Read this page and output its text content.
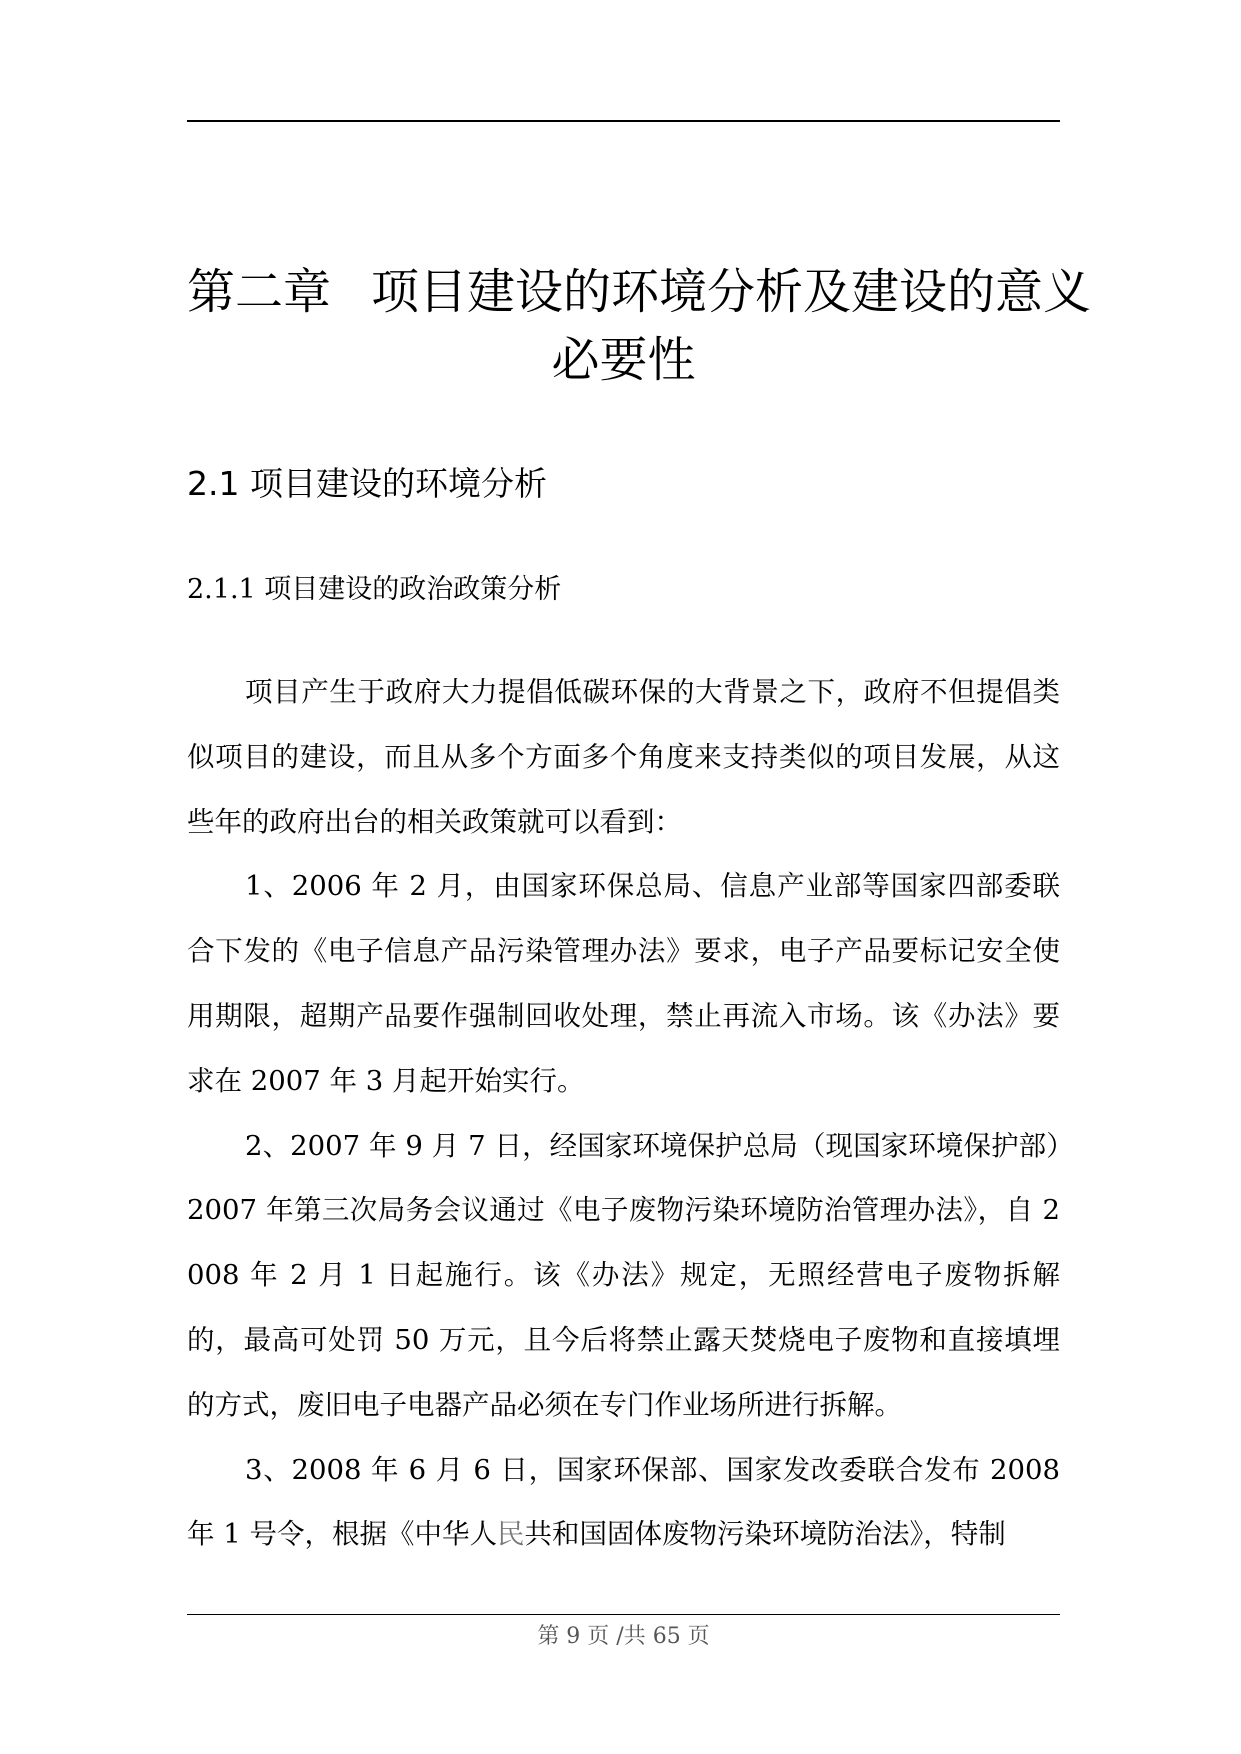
第二章 项目建设的环境分析及建设的意义
必要性
2.1 项目建设的环境分析
2.1.1 项目建设的政治政策分析

项目产生于政府大力提倡低碳环保的大背景之下，政府不但提倡类似项目的建设，而且从多个方面多个角度来支持类似的项目发展，从这些年的政府出台的相关政策就可以看到：

1、2006 年 2 月，由国家环保总局、信息产业部等国家四部委联合下发的《电子信息产品污染管理办法》要求，电子产品要标记安全使用期限，超期产品要作强制回收处理，禁止再流入市场。该《办法》要求在 2007 年 3 月起开始实行。

2、2007 年 9 月 7 日，经国家环境保护总局（现国家环境保护部）2007 年第三次局务会议通过《电子废物污染环境防治管理办法》，自 2008 年 2 月 1 日起施行。该《办法》规定，无照经营电子废物拆解的，最高可处罚 50 万元，且今后将禁止露天焚烧电子废物和直接填埋的方式，废旧电子电器产品必须在专门作业场所进行拆解。

3、2008 年 6 月 6 日，国家环保部、国家发改委联合发布 2008 年 1 号令，根据《中华人民共和国固体废物污染环境防治法》，特制

第 9 页 /共 65 页
